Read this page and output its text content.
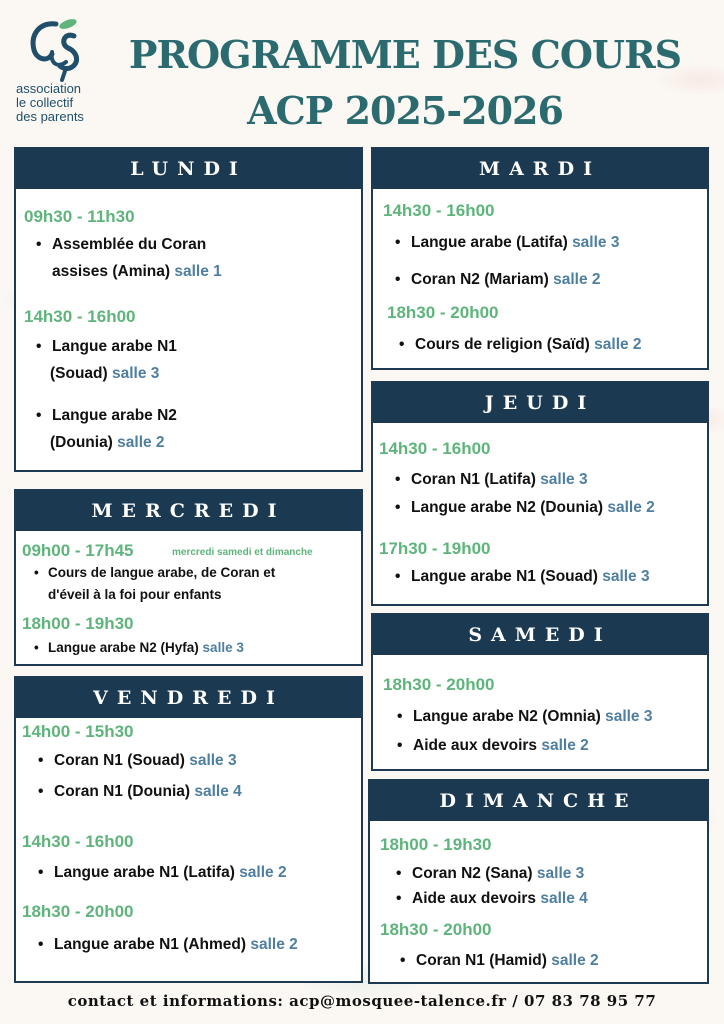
association
le collectif
des parents
PROGRAMME DES COURS
ACP 2025-2026
LUNDI
09h30 - 11h30
• Assemblée du Coran
assises (Amina) salle 1
14h30 - 16h00
• Langue arabe N1
(Souad) salle 3
• Langue arabe N2
(Dounia) salle 2
MARDI
14h30 - 16h00
• Langue arabe (Latifa) salle 3
• Coran N2 (Mariam) salle 2
18h30 - 20h00
• Cours de religion (Saïd) salle 2
JEUDI
14h30 - 16h00
• Coran N1 (Latifa) salle 3
• Langue arabe N2 (Dounia) salle 2
17h30 - 19h00
• Langue arabe N1 (Souad) salle 3
MERCREDI
09h00 - 17h45	mercredi samedi et dimanche
• Cours de langue arabe, de Coran et
d'éveil à la foi pour enfants
18h00 - 19h30
• Langue arabe N2 (Hyfa) salle 3
SAMEDI
18h30 - 20h00
• Langue arabe N2 (Omnia) salle 3
• Aide aux devoirs salle 2
VENDREDI
14h00 - 15h30
• Coran N1 (Souad) salle 3
• Coran N1 (Dounia) salle 4
14h30 - 16h00
• Langue arabe N1 (Latifa) salle 2
18h30 - 20h00
• Langue arabe N1 (Ahmed) salle 2
DIMANCHE
18h00 - 19h30
• Coran N2 (Sana) salle 3
• Aide aux devoirs salle 4
18h30 - 20h00
• Coran N1 (Hamid) salle 2
contact et informations: acp@mosquee-talence.fr / 07 83 78 95 77
